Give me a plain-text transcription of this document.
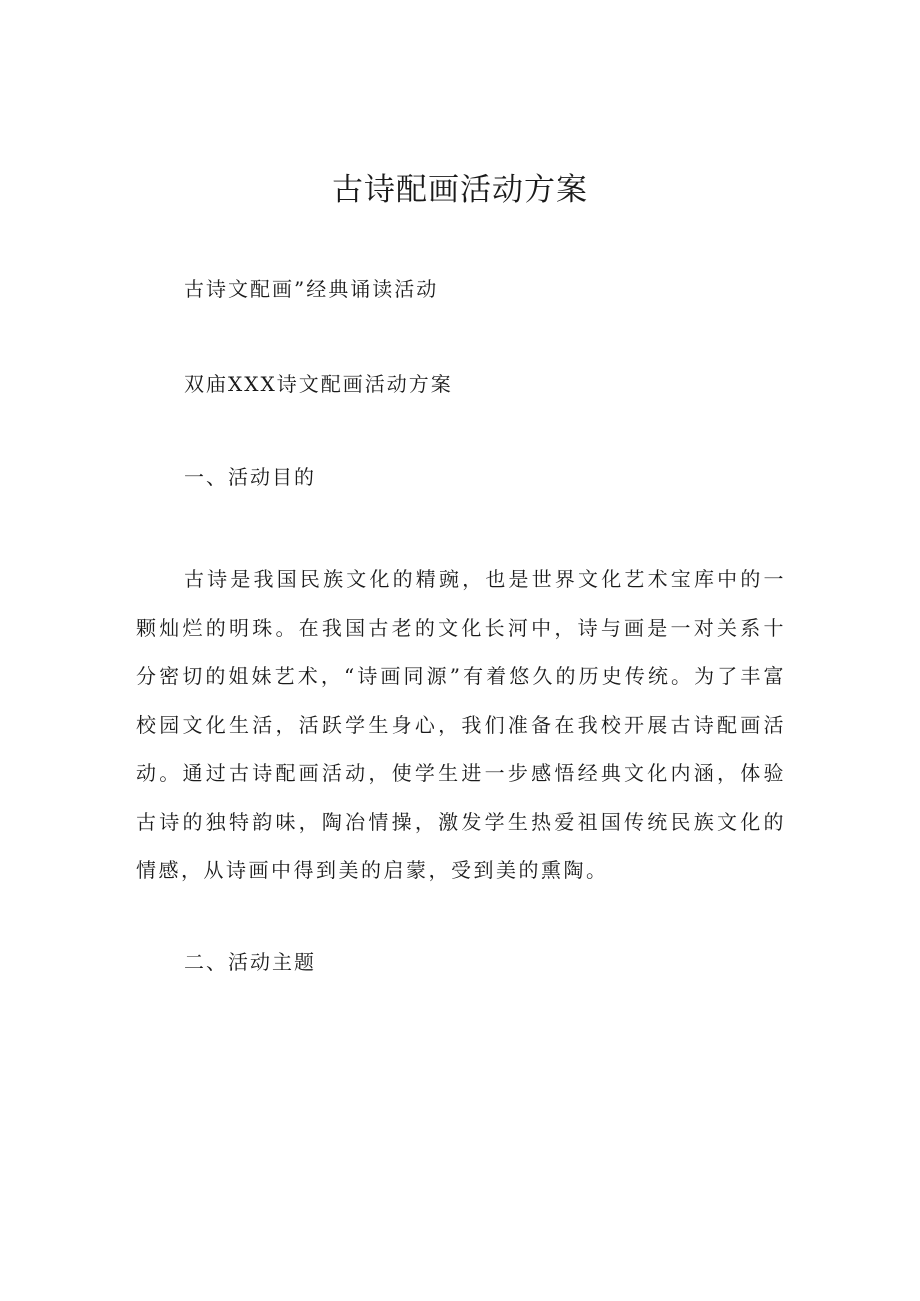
古诗配画活动方案

古诗文配画”经典诵读活动

双庙XXX诗文配画活动方案

一、活动目的

古诗是我国民族文化的精豌，也是世界文化艺术宝库中的一颗灿烂的明珠。在我国古老的文化长河中，诗与画是一对关系十分密切的姐妹艺术，“诗画同源”有着悠久的历史传统。为了丰富校园文化生活，活跃学生身心，我们准备在我校开展古诗配画活动。通过古诗配画活动，使学生进一步感悟经典文化内涵，体验古诗的独特韵味，陶冶情操，激发学生热爱祖国传统民族文化的情感，从诗画中得到美的启蒙，受到美的熏陶。

二、活动主题
